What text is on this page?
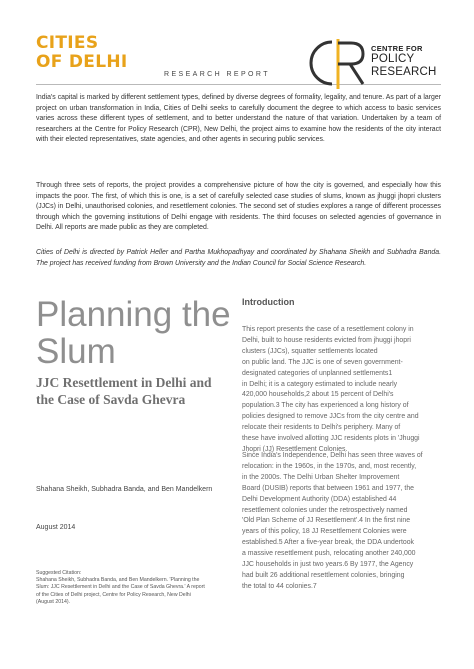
CITIES
OF DELHI
RESEARCH REPORT
CENTRE FOR
POLICY
RESEARCH

India's capital is marked by different settlement types, defined by diverse degrees of formality, legality, and tenure. As part of a larger project on urban transformation in India, Cities of Delhi seeks to carefully document the degree to which access to basic services varies across these different types of settlement, and to better understand the nature of that variation. Undertaken by a team of researchers at the Centre for Policy Research (CPR), New Delhi, the project aims to examine how the residents of the city interact with their elected representatives, state agencies, and other agents in securing public services.

Through three sets of reports, the project provides a comprehensive picture of how the city is governed, and especially how this impacts the poor. The first, of which this is one, is a set of carefully selected case studies of slums, known as jhuggi jhopri clusters (JJCs) in Delhi, unauthorised colonies, and resettlement colonies. The second set of studies explores a range of different processes through which the governing institutions of Delhi engage with residents. The third focuses on selected agencies of governance in Delhi. All reports are made public as they are completed.

Cities of Delhi is directed by Patrick Heller and Partha Mukhopadhyay and coordinated by Shahana Sheikh and Subhadra Banda. The project has received funding from Brown University and the Indian Council for Social Science Research.

Planning the
Slum
JJC Resettlement in Delhi and
the Case of Savda Ghevra
Shahana Sheikh, Subhadra Banda, and Ben Mandelkern
August 2014
Suggested Citation:
Shahana Sheikh, Subhadra Banda, and Ben Mandelkern. 'Planning the
Slum: JJC Resettlement in Delhi and the Case of Savda Ghevra.' A report
of the Cities of Delhi project, Centre for Policy Research, New Delhi
(August 2014).
Introduction
This report presents the case of a resettlement colony in
Delhi, built to house residents evicted from jhuggi jhopri
clusters (JJCs), squatter settlements located
on public land. The JJC is one of seven government-
designated categories of unplanned settlements1
in Delhi; it is a category estimated to include nearly
420,000 households,2 about 15 percent of Delhi's
population.3 The city has experienced a long history of
policies designed to remove JJCs from the city centre and
relocate their residents to Delhi's periphery. Many of
these have involved allotting JJC residents plots in 'Jhuggi
Jhopri (JJ) Resettlement Colonies.
Since India's Independence, Delhi has seen three waves of
relocation: in the 1960s, in the 1970s, and, most recently,
in the 2000s. The Delhi Urban Shelter Improvement
Board (DUSIB) reports that between 1961 and 1977, the
Delhi Development Authority (DDA) established 44
resettlement colonies under the retrospectively named
'Old Plan Scheme of JJ Resettlement'.4 In the first nine
years of this policy, 18 JJ Resettlement Colonies were
established.5 After a five-year break, the DDA undertook
a massive resettlement push, relocating another 240,000
JJC households in just two years.6 By 1977, the Agency
had built 26 additional resettlement colonies, bringing
the total to 44 colonies.7
